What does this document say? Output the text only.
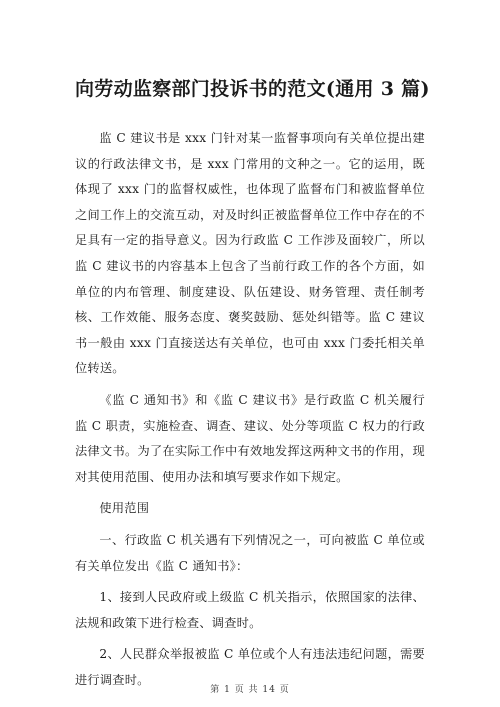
向劳动监察部门投诉书的范文(通用 3 篇)

监 C 建议书是 xxx 门针对某一监督事项向有关单位提出建议的行政法律文书，是 xxx 门常用的文种之一。它的运用，既体现了 xxx 门的监督权威性，也体现了监督布门和被监督单位之间工作上的交流互动，对及时纠正被监督单位工作中存在的不足具有一定的指导意义。因为行政监 C 工作涉及面较广，所以监 C 建议书的内容基本上包含了当前行政工作的各个方面，如单位的内布管理、制度建设、队伍建设、财务管理、责任制考核、工作效能、服务态度、褒奖鼓励、惩处纠错等。监 C 建议书一般由 xxx 门直接送达有关单位，也可由 xxx 门委托相关单位转送。

《监 C 通知书》和《监 C 建议书》是行政监 C 机关履行监 C 职责，实施检查、调查、建议、处分等项监 C 权力的行政法律文书。为了在实际工作中有效地发挥这两种文书的作用，现对其使用范围、使用办法和填写要求作如下规定。

使用范围

一、行政监 C 机关遇有下列情况之一，可向被监 C 单位或有关单位发出《监 C 通知书》：

1、接到人民政府或上级监 C 机关指示，依照国家的法律、法规和政策下进行检查、调查时。

2、人民群众举报被监 C 单位或个人有违法违纪问题，需要进行调查时。

第 1 页 共 14 页
